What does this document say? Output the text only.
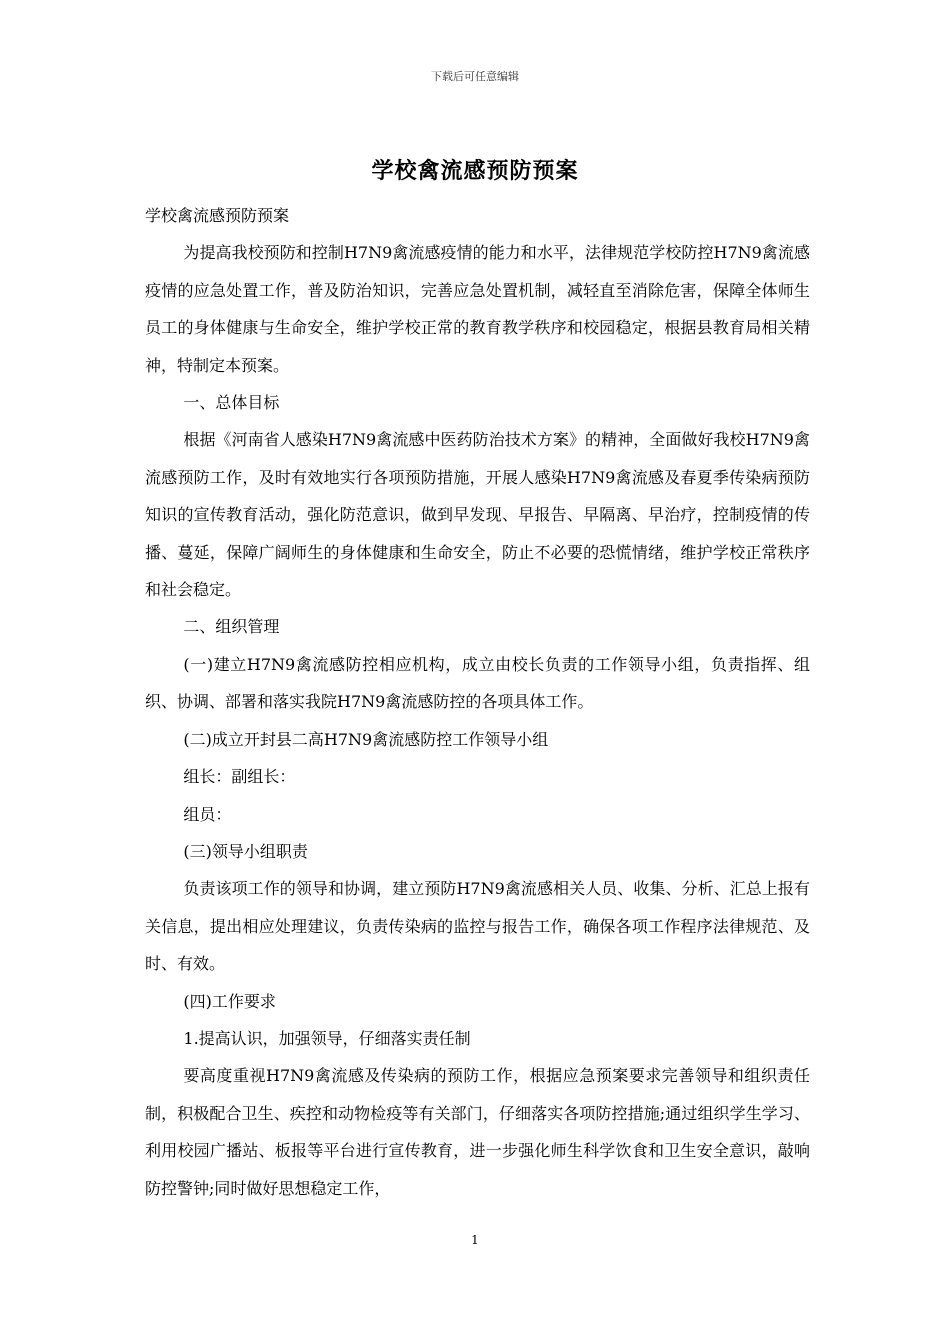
下载后可任意编辑
学校禽流感预防预案

学校禽流感预防预案

为提高我校预防和控制H7N9禽流感疫情的能力和水平，法律规范学校防控H7N9禽流感疫情的应急处置工作，普及防治知识，完善应急处置机制，减轻直至消除危害，保障全体师生员工的身体健康与生命安全，维护学校正常的教育教学秩序和校园稳定，根据县教育局相关精神，特制定本预案。

一、总体目标

根据《河南省人感染H7N9禽流感中医药防治技术方案》的精神，全面做好我校H7N9禽流感预防工作，及时有效地实行各项预防措施，开展人感染H7N9禽流感及春夏季传染病预防知识的宣传教育活动，强化防范意识，做到早发现、早报告、早隔离、早治疗，控制疫情的传播、蔓延，保障广阔师生的身体健康和生命安全，防止不必要的恐慌情绪，维护学校正常秩序和社会稳定。

二、组织管理

(一)建立H7N9禽流感防控相应机构，成立由校长负责的工作领导小组，负责指挥、组织、协调、部署和落实我院H7N9禽流感防控的各项具体工作。

(二)成立开封县二高H7N9禽流感防控工作领导小组

组长：副组长：

组员：

(三)领导小组职责

负责该项工作的领导和协调，建立预防H7N9禽流感相关人员、收集、分析、汇总上报有关信息，提出相应处理建议，负责传染病的监控与报告工作，确保各项工作程序法律规范、及时、有效。

(四)工作要求

1.提高认识，加强领导，仔细落实责任制

要高度重视H7N9禽流感及传染病的预防工作，根据应急预案要求完善领导和组织责任制，积极配合卫生、疾控和动物检疫等有关部门，仔细落实各项防控措施;通过组织学生学习、利用校园广播站、板报等平台进行宣传教育，进一步强化师生科学饮食和卫生安全意识，敲响防控警钟;同时做好思想稳定工作，

1
